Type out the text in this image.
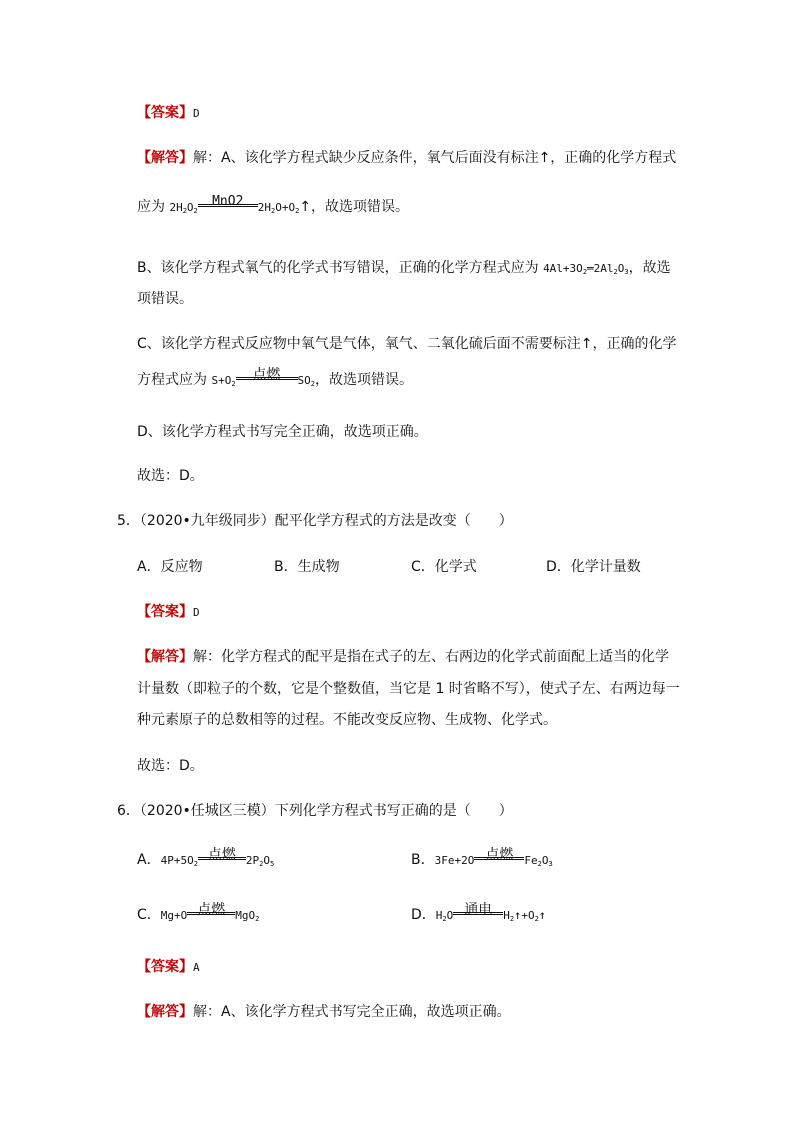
【答案】D
【解答】解：A、该化学方程式缺少反应条件，氧气后面没有标注↑，正确的化学方程式
应为 $2H_2O_2$
MnO2	$2H_2O+O_2↑$，故选项错误。
B、该化学方程式氧气的化学式书写错误，正确的化学方程式应为 $4Al+3O_2═2Al_2O_3$，故选
项错误。
C、该化学方程式反应物中氧气是气体，氧气、二氧化硫后面不需要标注↑，正确的化学
方程式应为 $S+O_2$
点燃	$SO_2$，故选项错误。
D、该化学方程式书写完全正确，故选项正确。
故选：D。
5．（2020•九年级同步）配平化学方程式的方法是改变（　　）
A．反应物	B．生成物	C．化学式	D．化学计量数
【答案】D
【解答】解：化学方程式的配平是指在式子的左、右两边的化学式前面配上适当的化学
计量数（即粒子的个数，它是个整数值，当它是 1 时省略不写），使式子左、右两边每一
种元素原子的总数相等的过程。不能改变反应物、生成物、化学式。
故选：D。
6．（2020•任城区三模）下列化学方程式书写正确的是（　　）
A．$4P+5O_2$
点燃 $2P_2O_5$	B．3Fe+2O 点燃	$Fe_2O_3$
C．Mg+O 点燃 MgO$_2$	D．$H_2O$ 通电	$H_2↑+O_2↑$
【答案】A
【解答】解：A、该化学方程式书写完全正确，故选项正确。
